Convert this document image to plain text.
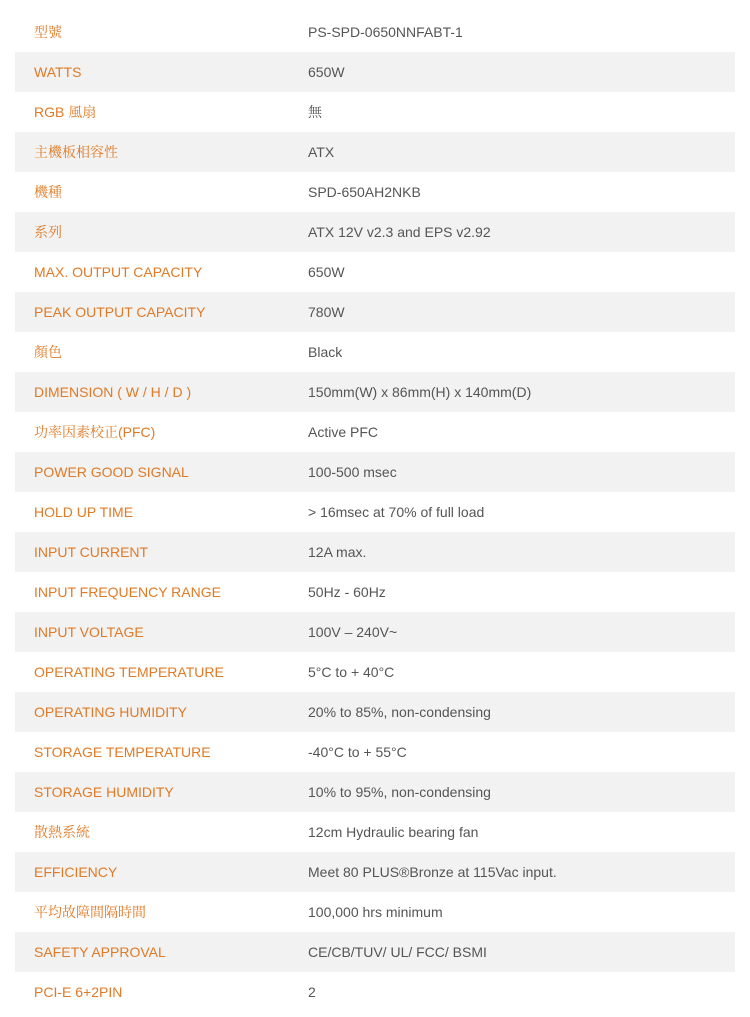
型號	PS-SPD-0650NNFABT-1
WATTS	650W
RGB 風扇	無
主機板相容性	ATX
機種	SPD-650AH2NKB
系列	ATX 12V v2.3 and EPS v2.92
MAX. OUTPUT CAPACITY	650W
PEAK OUTPUT CAPACITY	780W
顏色	Black
DIMENSION ( W / H / D )	150mm(W) x 86mm(H) x 140mm(D)
功率因素校正(PFC)	Active PFC
POWER GOOD SIGNAL	100-500 msec
HOLD UP TIME	> 16msec at 70% of full load
INPUT CURRENT	12A max.
INPUT FREQUENCY RANGE	50Hz - 60Hz
INPUT VOLTAGE	100V – 240V~
OPERATING TEMPERATURE	5°C to + 40°C
OPERATING HUMIDITY	20% to 85%, non-condensing
STORAGE TEMPERATURE	-40°C to + 55°C
STORAGE HUMIDITY	10% to 95%, non-condensing
散熱系統	12cm Hydraulic bearing fan
EFFICIENCY	Meet 80 PLUS®Bronze at 115Vac input.
平均故障間隔時間	100,000 hrs minimum
SAFETY APPROVAL	CE/CB/TUV/ UL/ FCC/ BSMI
PCI-E 6+2PIN	2
